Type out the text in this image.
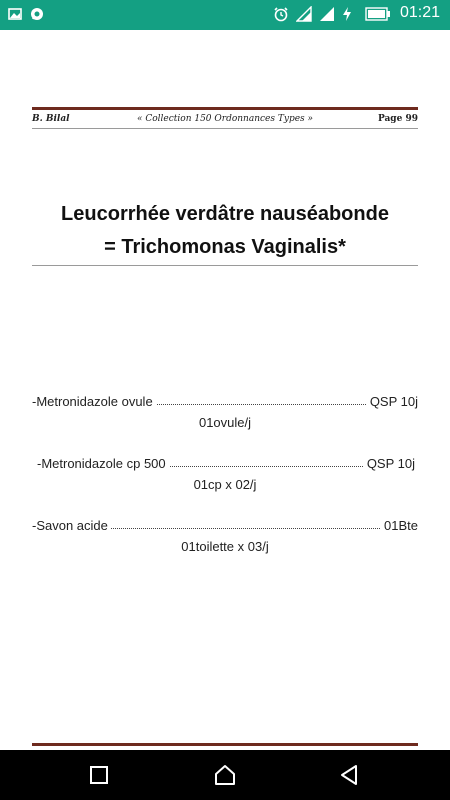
01:21
B. Bilal	« Collection 150 Ordonnances Types »	Page 99
Leucorrhée verdâtre nauséabonde
= Trichomonas Vaginalis*
-Metronidazole ovule	QSP 10j
01ovule/j
-Metronidazole cp 500	QSP 10j
01cp x 02/j
-Savon acide	01Bte
01toilette x 03/j
